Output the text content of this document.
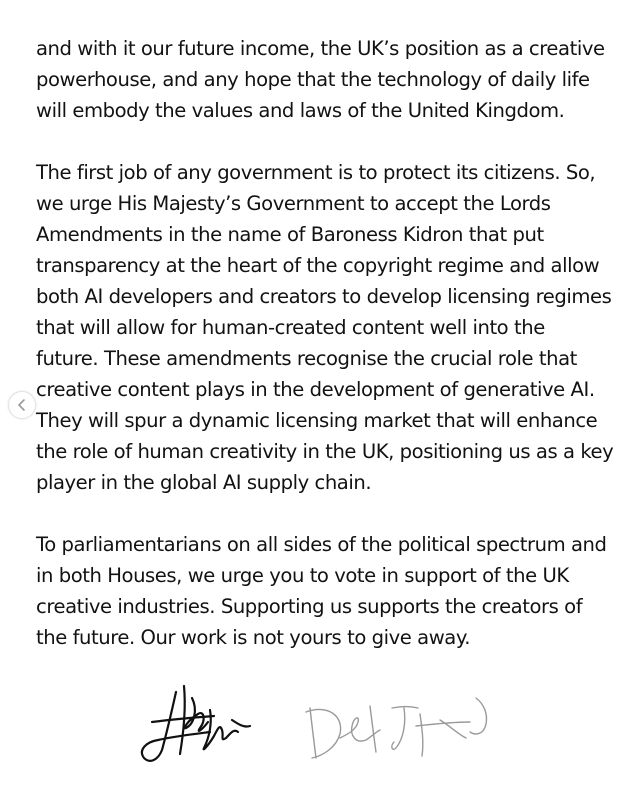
and with it our future income, the UK’s position as a creative
powerhouse, and any hope that the technology of daily life
will embody the values and laws of the United Kingdom.

The first job of any government is to protect its citizens. So,
we urge His Majesty’s Government to accept the Lords
Amendments in the name of Baroness Kidron that put
transparency at the heart of the copyright regime and allow
both AI developers and creators to develop licensing regimes
that will allow for human-created content well into the
future. These amendments recognise the crucial role that
creative content plays in the development of generative AI.
They will spur a dynamic licensing market that will enhance
the role of human creativity in the UK, positioning us as a key
player in the global AI supply chain.

To parliamentarians on all sides of the political spectrum and
in both Houses, we urge you to vote in support of the UK
creative industries. Supporting us supports the creators of
the future. Our work is not yours to give away.
